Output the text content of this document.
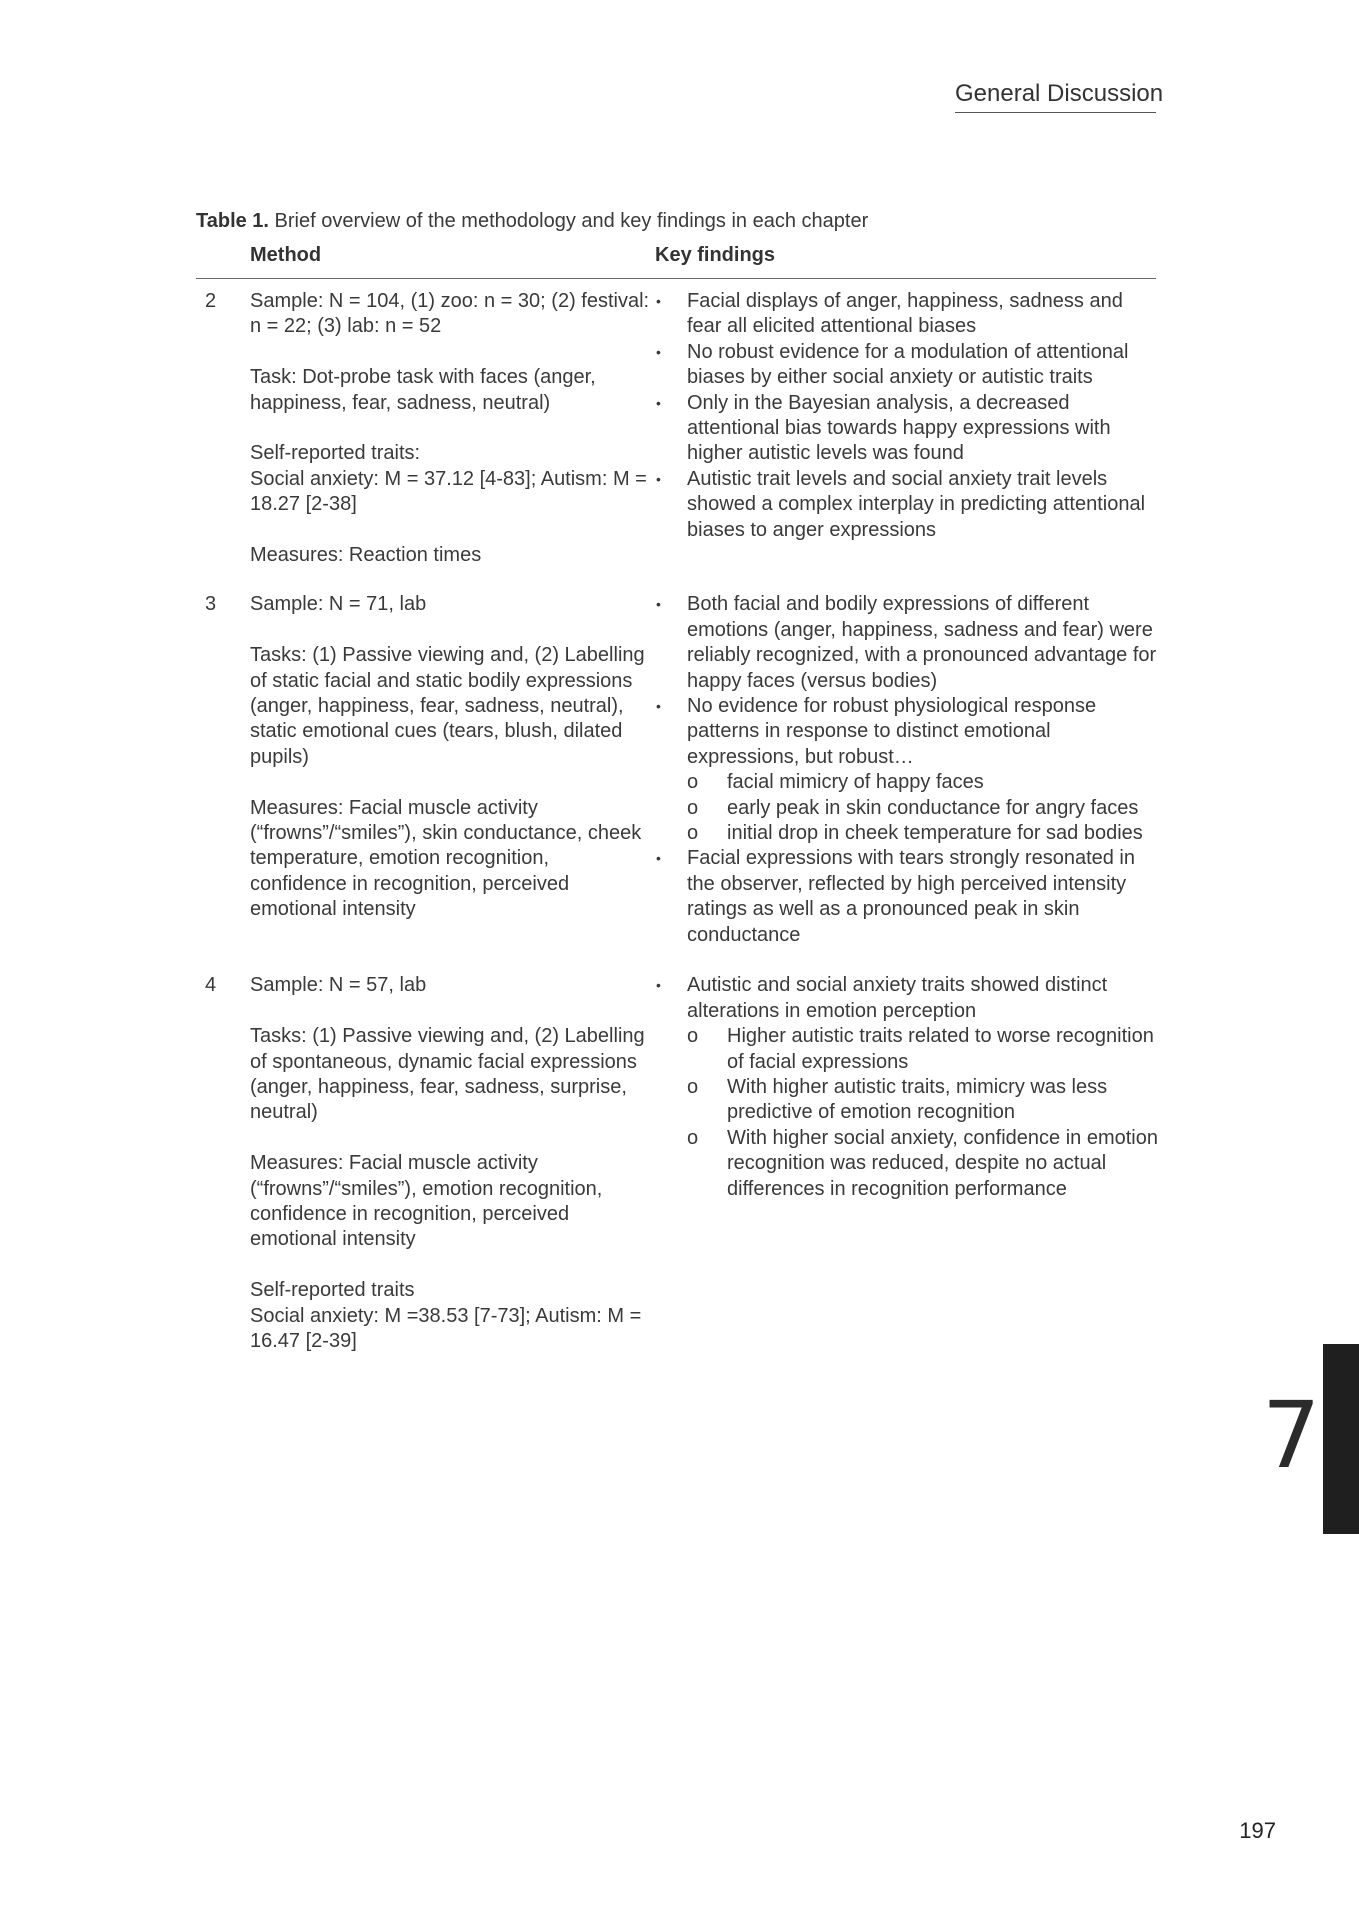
General Discussion
Table 1. Brief overview of the methodology and key findings in each chapter
Method	Key findings
2 Sample: N = 104, (1) zoo: n = 30; (2) festival: n = 22; (3) lab: n = 52

Task: Dot-probe task with faces (anger, happiness, fear, sadness, neutral)

Self-reported traits:
Social anxiety: M = 37.12 [4-83]; Autism: M = 18.27 [2-38]

Measures: Reaction times

• Facial displays of anger, happiness, sadness and fear all elicited attentional biases
• No robust evidence for a modulation of attentional biases by either social anxiety or autistic traits
• Only in the Bayesian analysis, a decreased attentional bias towards happy expressions with higher autistic levels was found
• Autistic trait levels and social anxiety trait levels showed a complex interplay in predicting attentional biases to anger expressions
3 Sample: N = 71, lab

Tasks: (1) Passive viewing and, (2) Labelling of static facial and static bodily expressions (anger, happiness, fear, sadness, neutral), static emotional cues (tears, blush, dilated pupils)

Measures: Facial muscle activity (“frowns”/“smiles”), skin conductance, cheek temperature, emotion recognition, confidence in recognition, perceived emotional intensity

• Both facial and bodily expressions of different emotions (anger, happiness, sadness and fear) were reliably recognized, with a pronounced advantage for happy faces (versus bodies)
• No evidence for robust physiological response patterns in response to distinct emotional expressions, but robust…
o facial mimicry of happy faces
o early peak in skin conductance for angry faces
o initial drop in cheek temperature for sad bodies
• Facial expressions with tears strongly resonated in the observer, reflected by high perceived intensity ratings as well as a pronounced peak in skin conductance
4 Sample: N = 57, lab

Tasks: (1) Passive viewing and, (2) Labelling of spontaneous, dynamic facial expressions (anger, happiness, fear, sadness, surprise, neutral)

Measures: Facial muscle activity (“frowns”/“smiles”), emotion recognition, confidence in recognition, perceived emotional intensity

Self-reported traits
Social anxiety: M =38.53 [7-73]; Autism: M = 16.47 [2-39]

• Autistic and social anxiety traits showed distinct alterations in emotion perception
o Higher autistic traits related to worse recognition of facial expressions
o With higher autistic traits, mimicry was less predictive of emotion recognition
o With higher social anxiety, confidence in emotion recognition was reduced, despite no actual differences in recognition performance
7
197
